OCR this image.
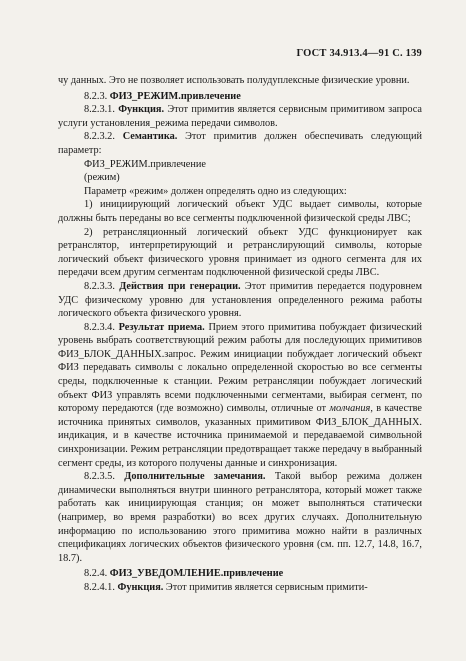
ГОСТ 34.913.4—91 С. 139

чу данных. Это не позволяет использовать полудуплексные физические уровни.

8.2.3. ФИЗ_РЕЖИМ.привлечение

8.2.3.1. Функция. Этот примитив является сервисным примитивом запроса услуги установления_режима передачи символов.

8.2.3.2. Семантика. Этот примитив должен обеспечивать следующий параметр:

ФИЗ_РЕЖИМ.привлечение

(режим)

Параметр «режим» должен определять одно из следующих:

1) инициирующий логический объект УДС выдает символы, которые должны быть переданы во все сегменты подключенной физической среды ЛВС;

2) ретрансляционный логический объект УДС функционирует как ретранслятор, интерпретирующий и ретранслирующий символы, которые логический объект физического уровня принимает из одного сегмента для их передачи всем другим сегментам подключенной физической среды ЛВС.

8.2.3.3. Действия при генерации. Этот примитив передается подуровнем УДС физическому уровню для установления определенного режима работы логического объекта физического уровня.

8.2.3.4. Результат приема. Прием этого примитива побуждает физический уровень выбрать соответствующий режим работы для последующих примитивов ФИЗ_БЛОК_ДАННЫХ.запрос. Режим инициации побуждает логический объект ФИЗ передавать символы с локально определенной скоростью во все сегменты среды, подключенные к станции. Режим ретрансляции побуждает логический объект ФИЗ управлять всеми подключенными сегментами, выбирая сегмент, по которому передаются (где возможно) символы, отличные от молчания, в качестве источника принятых символов, указанных примитивом ФИЗ_БЛОК_ДАННЫХ. индикация, и в качестве источника принимаемой и передаваемой символьной синхронизации. Режим ретрансляции предотвращает также передачу в выбранный сегмент среды, из которого получены данные и синхронизация.

8.2.3.5. Дополнительные замечания. Такой выбор режима должен динамически выполняться внутри шинного ретранслятора, который может также работать как инициирующая станция; он может выполняться статически (например, во время разработки) во всех других случаях. Дополнительную информацию по использованию этого примитива можно найти в различных спецификациях логических объектов физического уровня (см. пп. 12.7, 14.8, 16.7, 18.7).

8.2.4. ФИЗ_УВЕДОМЛЕНИЕ.привлечение

8.2.4.1. Функция. Этот примитив является сервисным примити-
